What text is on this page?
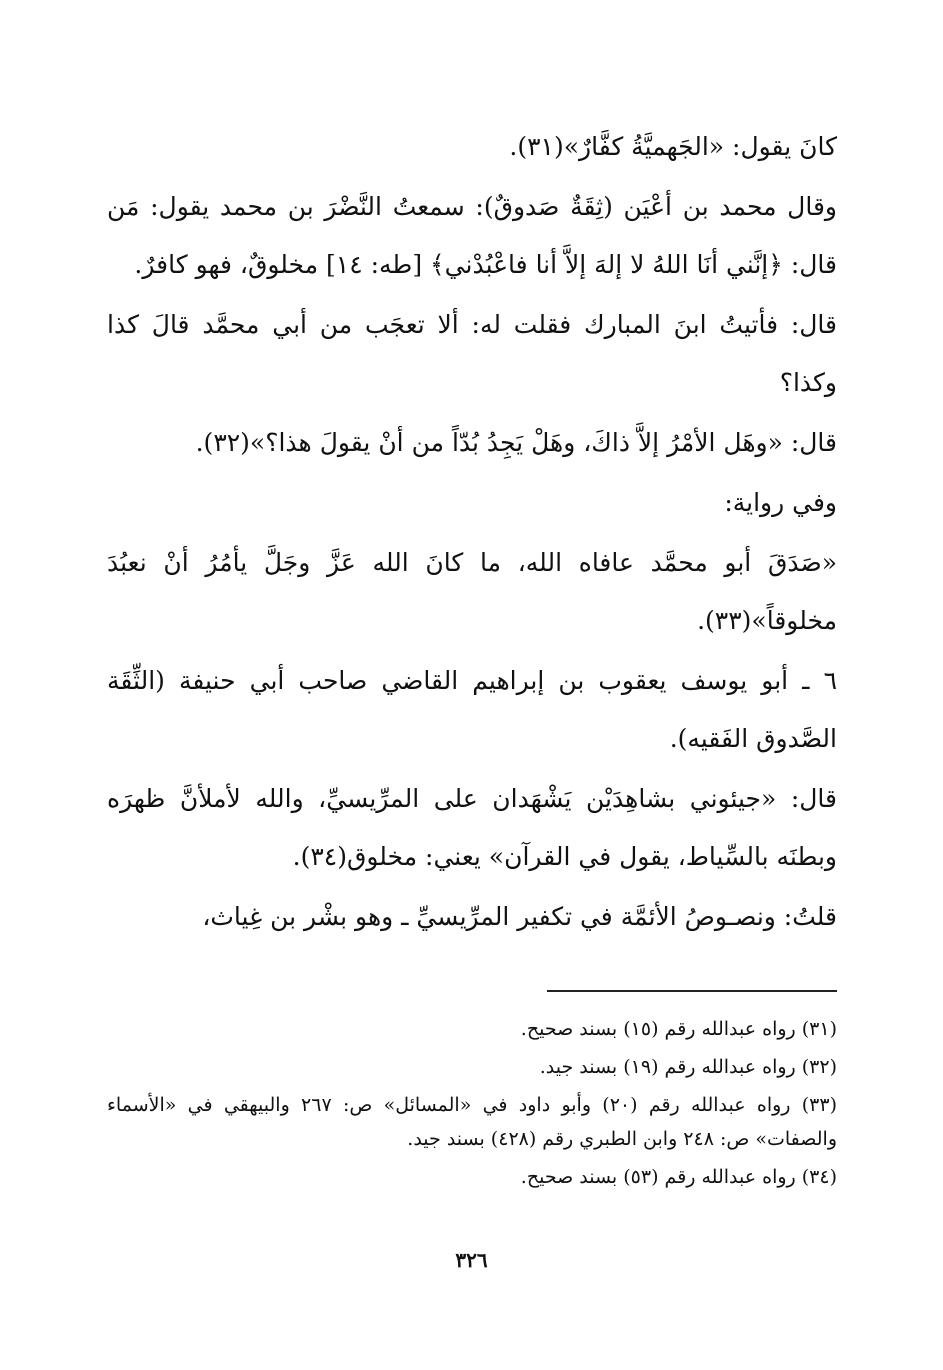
كانَ يقول: «الجَهميَّةُ كفَّارٌ»(٣١).

وقال محمد بن أعْيَن (ثِقَةٌ صَدوقٌ): سمعتُ النَّضْرَ بن محمد يقول: مَن قال: ﴿إنَّني أنَا اللهُ لا إلهَ إلاَّ أنا فاعْبُدْني﴾ [طه: ١٤] مخلوقٌ، فهو كافرٌ.

قال: فأتيتُ ابنَ المبارك فقلت له: ألا تعجَب من أبي محمَّد قالَ كذا وكذا؟

قال: «وهَل الأمْرُ إلاَّ ذاكَ، وهَلْ يَجِدُ بُدّاً من أنْ يقولَ هذا؟»(٣٢).

وفي رواية:

«صَدَقَ أبو محمَّد عافاه الله، ما كانَ الله عَزَّ وجَلَّ يأمُرُ أنْ نعبُدَ مخلوقاً»(٣٣).

٦ ـ أبو يوسف يعقوب بن إبراهيم القاضي صاحب أبي حنيفة (الثِّقَة الصَّدوق الفَقيه).

قال: «جيئوني بشاهِدَيْن يَشْهَدان على المرِّيسيِّ، والله لأملأنَّ ظهرَه وبطنَه بالسِّياط، يقول في القرآن» يعني: مخلوق(٣٤).

قلتُ: ونصـوصُ الأئمَّة في تكفير المرِّيسيِّ ـ وهو بشْر بن غِياث،

(٣١) رواه عبدالله رقم (١٥) بسند صحيح.

(٣٢) رواه عبدالله رقم (١٩) بسند جيد.

(٣٣) رواه عبدالله رقم (٢٠) وأبو داود في «المسائل» ص: ٢٦٧ والبيهقي في «الأسماء والصفات» ص: ٢٤٨ وابن الطبري رقم (٤٢٨) بسند جيد.

(٣٤) رواه عبدالله رقم (٥٣) بسند صحيح.

٣٢٦
